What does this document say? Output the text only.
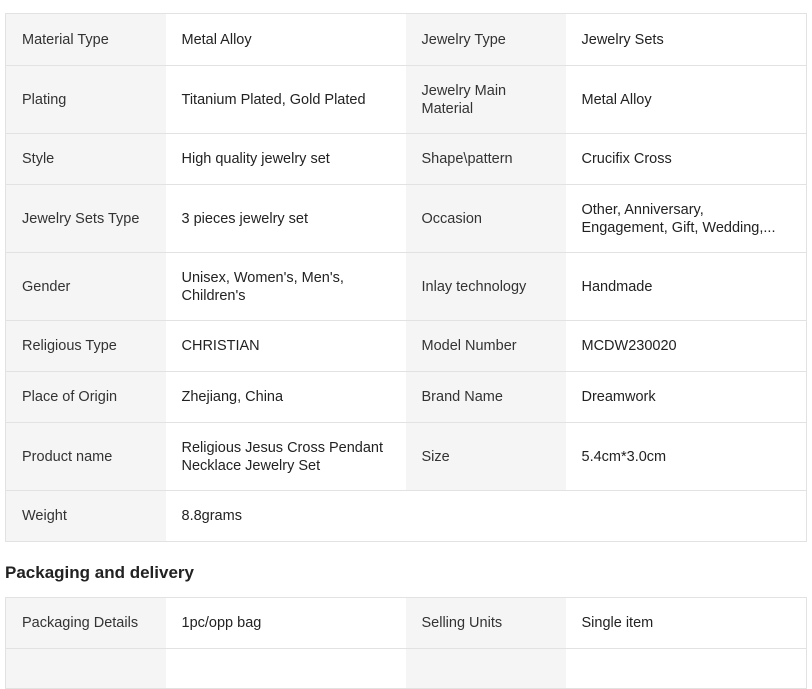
Material Type	Metal Alloy	Jewelry Type	Jewelry Sets
Plating	Titanium Plated, Gold Plated	Jewelry Main Material	Metal Alloy
Style	High quality jewelry set	Shape\pattern	Crucifix Cross
Jewelry Sets Type	3 pieces jewelry set	Occasion	Other, Anniversary, Engagement, Gift, Wedding,...

Gender	Unisex, Women's, Men's, Children's	Inlay technology	Handmade
Religious Type	CHRISTIAN	Model Number	MCDW230020
Place of Origin	Zhejiang, China	Brand Name	Dreamwork
Product name	Religious Jesus Cross Pendant Necklace Jewelry Set	Size	5.4cm*3.0cm
Weight	8.8grams		
Packaging and delivery
Packaging Details	1pc/opp bag	Selling Units	Single item
